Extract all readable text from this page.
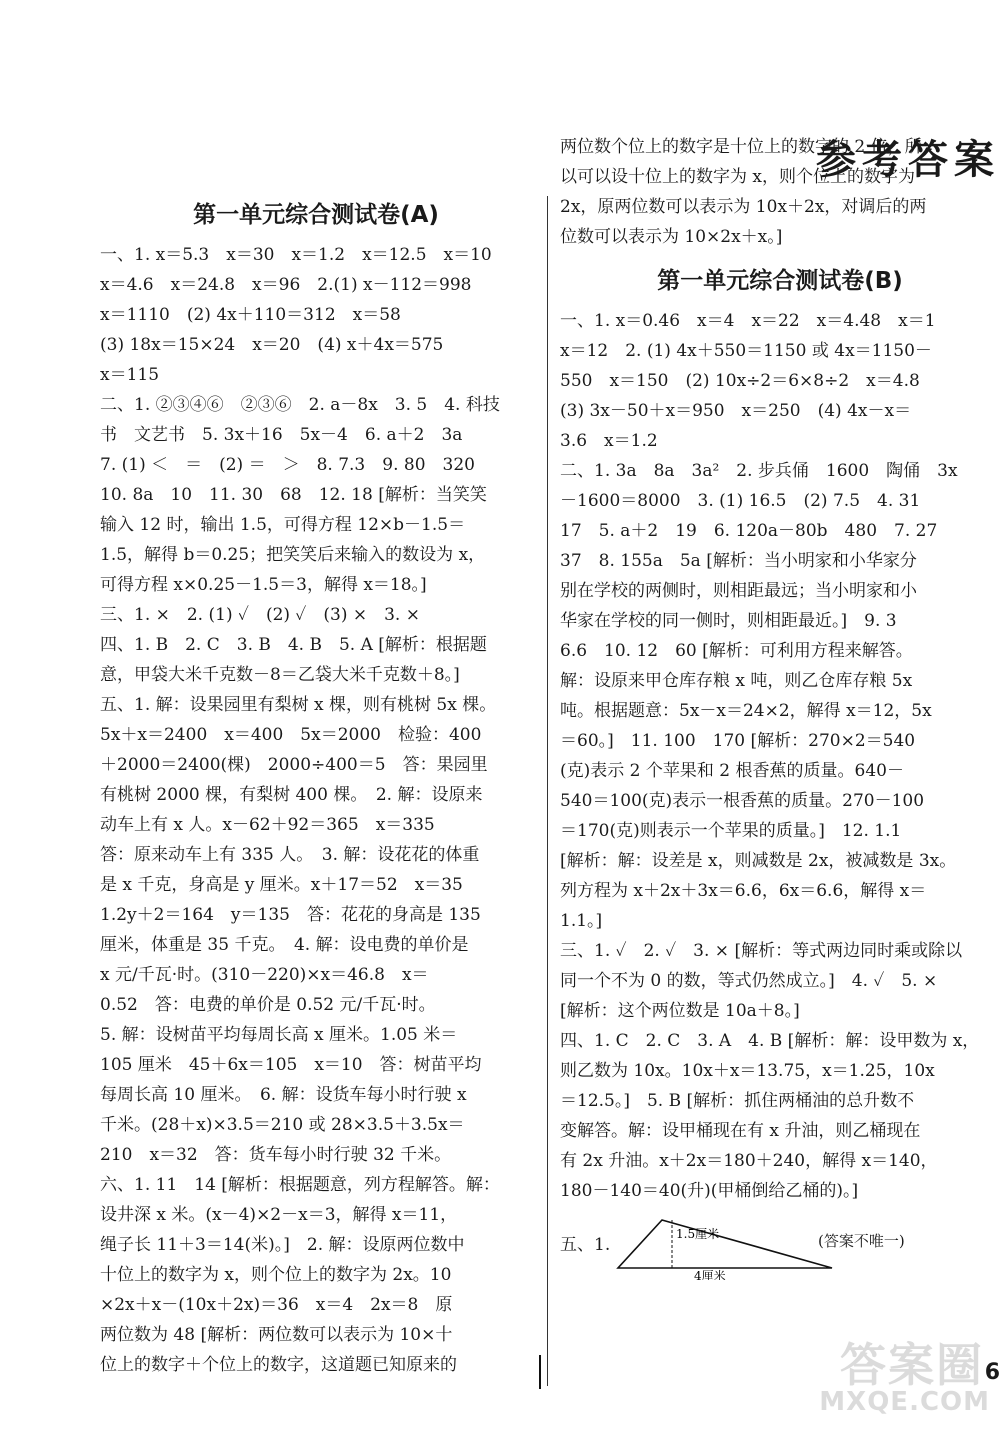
参考答案
第一单元综合测试卷(A)
一、1. x＝5.3　x＝30　x＝1.2　x＝12.5　x＝10
x＝4.6　x＝24.8　x＝96　2.(1) x－112＝998
x＝1110　(2) 4x＋110＝312　x＝58
(3) 18x＝15×24　x＝20　(4) x＋4x＝575
x＝115
二、1. ②③④⑥　②③⑥　2. a－8x　3. 5　4. 科技
书　文艺书　5. 3x＋16　5x－4　6. a＋2　3a
7. (1) ＜　＝　(2) ＝　＞　8. 7.3　9. 80　320
10. 8a　10　11. 30　68　12. 18 [解析：当笑笑
输入 12 时，输出 1.5，可得方程 12×b－1.5＝
1.5，解得 b＝0.25；把笑笑后来输入的数设为 x，
可得方程 x×0.25－1.5＝3，解得 x＝18。]
三、1. ×　2. (1) ✓　(2) ✓　(3) ×　3. ×
四、1. B　2. C　3. B　4. B　5. A [解析：根据题
意，甲袋大米千克数－8＝乙袋大米千克数＋8。]
五、1. 解：设果园里有梨树 x 棵，则有桃树 5x 棵。
5x＋x＝2400　x＝400　5x＝2000　检验：400
＋2000＝2400(棵)　2000÷400＝5　答：果园里
有桃树 2000 棵，有梨树 400 棵。　2. 解：设原来
动车上有 x 人。x－62＋92＝365　x＝335
答：原来动车上有 335 人。　3. 解：设花花的体重
是 x 千克，身高是 y 厘米。x＋17＝52　x＝35
1.2y＋2＝164　y＝135　答：花花的身高是 135
厘米，体重是 35 千克。　4. 解：设电费的单价是
x 元/千瓦·时。(310－220)×x＝46.8　x＝
0.52　答：电费的单价是 0.52 元/千瓦·时。
5. 解：设树苗平均每周长高 x 厘米。1.05 米＝
105 厘米　45＋6x＝105　x＝10　答：树苗平均
每周长高 10 厘米。　6. 解：设货车每小时行驶 x
千米。(28＋x)×3.5＝210 或 28×3.5＋3.5x＝
210　x＝32　答：货车每小时行驶 32 千米。
六、1. 11　14 [解析：根据题意，列方程解答。解：
设井深 x 米。(x－4)×2－x＝3，解得 x＝11，
绳子长 11＋3＝14(米)。]　2. 解：设原两位数中
十位上的数字为 x，则个位上的数字为 2x。10
×2x＋x－(10x＋2x)＝36　x＝4　2x＝8　原
两位数为 48 [解析：两位数可以表示为 10×十
位上的数字＋个位上的数字，这道题已知原来的
两位数个位上的数字是十位上的数字的 2 倍，所
以可以设十位上的数字为 x，则个位上的数字为
2x，原两位数可以表示为 10x＋2x，对调后的两
位数可以表示为 10×2x＋x。]
第一单元综合测试卷(B)
一、1. x＝0.46　x＝4　x＝22　x＝4.48　x＝1
x＝12　2. (1) 4x＋550＝1150 或 4x＝1150－
550　x＝150　(2) 10x÷2＝6×8÷2　x＝4.8
(3) 3x－50＋x＝950　x＝250　(4) 4x－x＝
3.6　x＝1.2
二、1. 3a　8a　3a²　2. 步兵俑　1600　陶俑　3x
－1600＝8000　3. (1) 16.5　(2) 7.5　4. 31
17　5. a＋2　19　6. 120a－80b　480　7. 27
37　8. 155a　5a [解析：当小明家和小华家分
别在学校的两侧时，则相距最远；当小明家和小
华家在学校的同一侧时，则相距最近。]　9. 3
6.6　10. 12　60 [解析：可利用方程来解答。
解：设原来甲仓库存粮 x 吨，则乙仓库存粮 5x
吨。根据题意：5x－x＝24×2，解得 x＝12，5x
＝60。]　11. 100　170 [解析：270×2＝540
(克)表示 2 个苹果和 2 根香蕉的质量。640－
540＝100(克)表示一根香蕉的质量。270－100
＝170(克)则表示一个苹果的质量。]　12. 1.1
[解析：解：设差是 x，则减数是 2x，被减数是 3x。
列方程为 x＋2x＋3x＝6.6，6x＝6.6，解得 x＝
1.1。]
三、1. ✓　2. ✓　3. × [解析：等式两边同时乘或除以
同一个不为 0 的数，等式仍然成立。]　4. ✓　5. ×
[解析：这个两位数是 10a＋8。]
四、1. C　2. C　3. A　4. B [解析：解：设甲数为 x，
则乙数为 10x。10x＋x＝13.75，x＝1.25，10x
＝12.5。]　5. B [解析：抓住两桶油的总升数不
变解答。解：设甲桶现在有 x 升油，则乙桶现在
有 2x 升油。x＋2x＝180＋240，解得 x＝140，
180－140＝40(升)(甲桶倒给乙桶的)。]
五、1.
1.5厘米
4厘米
(答案不唯一)
6
答案圈
MXQE.COM
